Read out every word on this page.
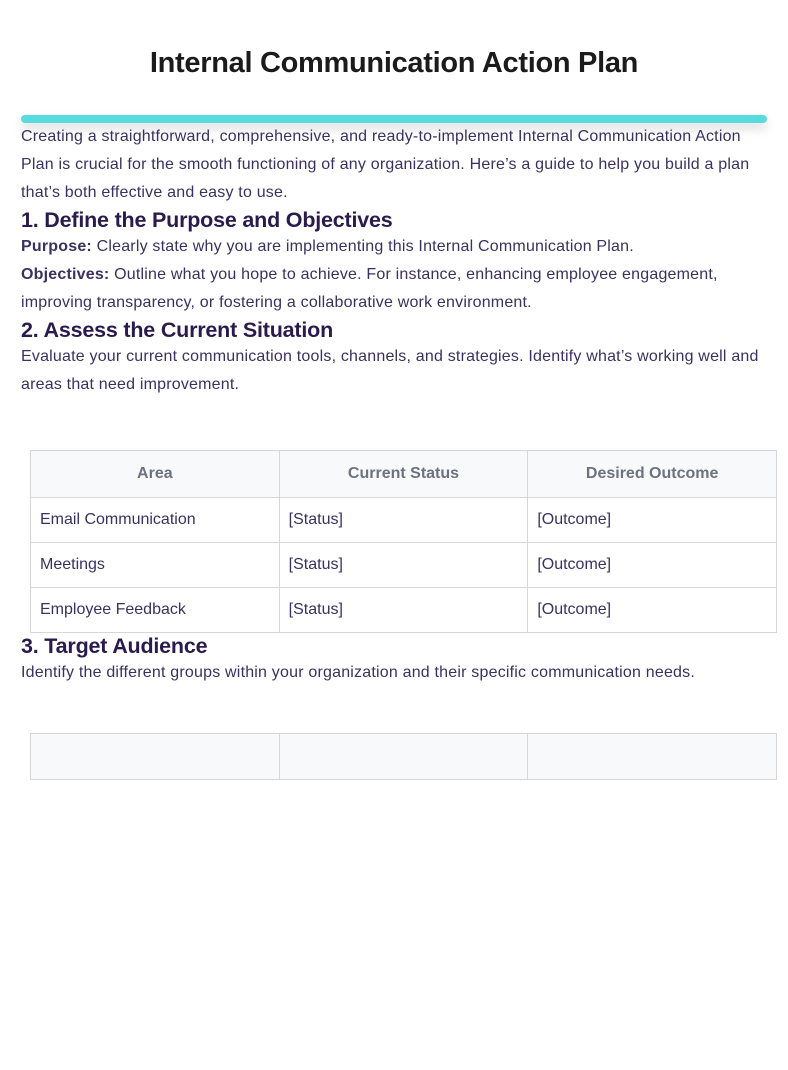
Internal Communication Action Plan

Creating a straightforward, comprehensive, and ready-to-implement Internal Communication Action Plan is crucial for the smooth functioning of any organization. Here’s a guide to help you build a plan that’s both effective and easy to use.

1. Define the Purpose and Objectives

Purpose: Clearly state why you are implementing this Internal Communication Plan.

Objectives: Outline what you hope to achieve. For instance, enhancing employee engagement, improving transparency, or fostering a collaborative work environment.

2. Assess the Current Situation

Evaluate your current communication tools, channels, and strategies. Identify what’s working well and areas that need improvement.

Area	Current Status	Desired Outcome
Email Communication	[Status]	[Outcome]
Meetings	[Status]	[Outcome]
Employee Feedback	[Status]	[Outcome]
3. Target Audience

Identify the different groups within your organization and their specific communication needs.
